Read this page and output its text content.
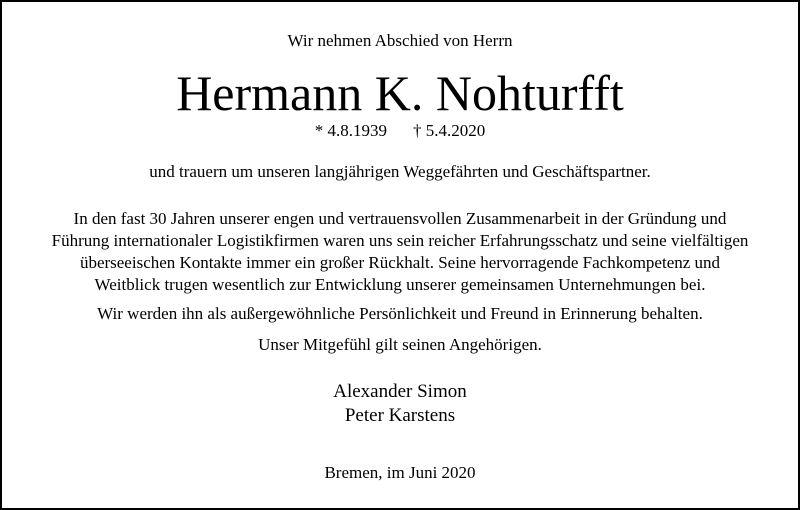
Wir nehmen Abschied von Herrn
Hermann K. Nohturfft
* 4.8.1939 † 5.4.2020
und trauern um unseren langjährigen Weggefährten und Geschäftspartner.
In den fast 30 Jahren unserer engen und vertrauensvollen Zusammenarbeit in der Gründung und
Führung internationaler Logistikfirmen waren uns sein reicher Erfahrungsschatz und seine vielfältigen
überseeischen Kontakte immer ein großer Rückhalt. Seine hervorragende Fachkompetenz und
Weitblick trugen wesentlich zur Entwicklung unserer gemeinsamen Unternehmungen bei.
Wir werden ihn als außergewöhnliche Persönlichkeit und Freund in Erinnerung behalten.
Unser Mitgefühl gilt seinen Angehörigen.
Alexander Simon
Peter Karstens
Bremen, im Juni 2020
